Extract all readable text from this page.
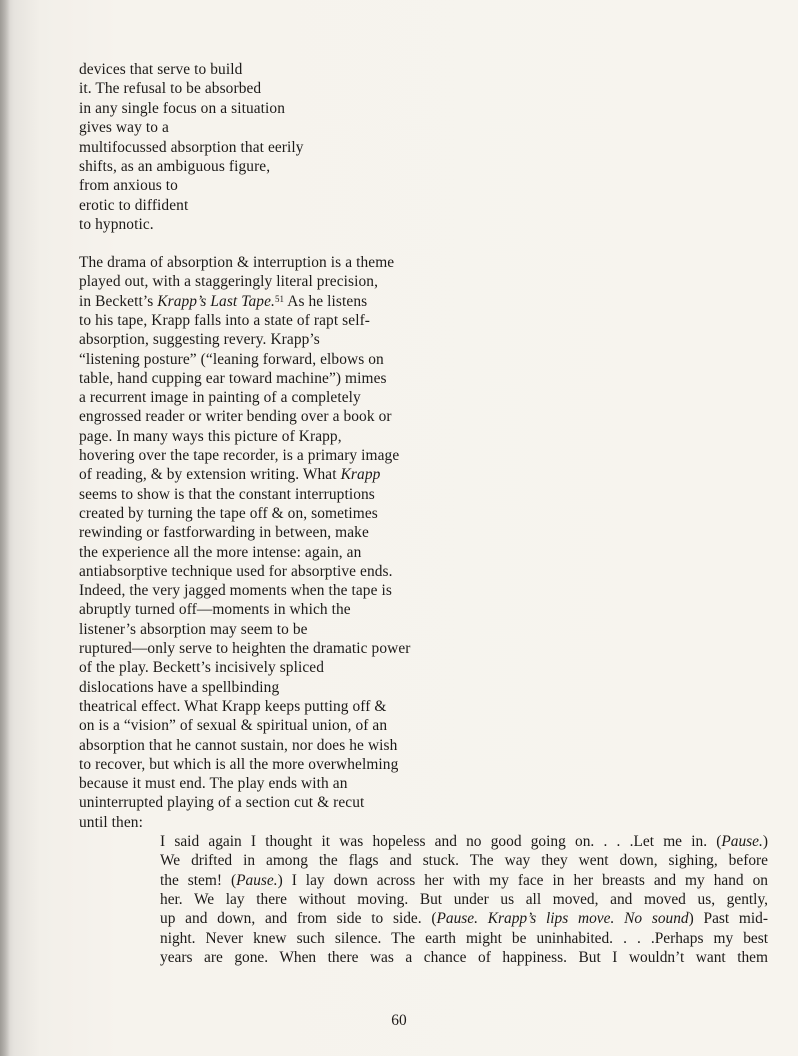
devices that serve to build
it. The refusal to be absorbed
in any single focus on a situation
gives way to a
multifocussed absorption that eerily
shifts, as an ambiguous figure,
from anxious to
erotic to diffident
to hypnotic.
The drama of absorption & interruption is a theme
played out, with a staggeringly literal precision,
in Beckett’s Krapp’s Last Tape.$^{51}$ As he listens
to his tape, Krapp falls into a state of rapt self-
absorption, suggesting revery. Krapp’s
“listening posture” (“leaning forward, elbows on
table, hand cupping ear toward machine”) mimes
a recurrent image in painting of a completely
engrossed reader or writer bending over a book or
page. In many ways this picture of Krapp,
hovering over the tape recorder, is a primary image
of reading, & by extension writing. What Krapp
seems to show is that the constant interruptions
created by turning the tape off & on, sometimes
rewinding or fastforwarding in between, make
the experience all the more intense: again, an
antiabsorptive technique used for absorptive ends.
Indeed, the very jagged moments when the tape is
abruptly turned off—moments in which the
listener’s absorption may seem to be
ruptured—only serve to heighten the dramatic power
of the play. Beckett’s incisively spliced
dislocations have a spellbinding
theatrical effect. What Krapp keeps putting off &
on is a “vision” of sexual & spiritual union, of an
absorption that he cannot sustain, nor does he wish
to recover, but which is all the more overwhelming
because it must end. The play ends with an
uninterrupted playing of a section cut & recut
until then:
I said again I thought it was hopeless and no good going on. . . .Let me in. (Pause.)
We drifted in among the flags and stuck. The way they went down, sighing, before
the stem! (Pause.) I lay down across her with my face in her breasts and my hand on
her. We lay there without moving. But under us all moved, and moved us, gently,
up and down, and from side to side. (Pause. Krapp’s lips move. No sound) Past mid-
night. Never knew such silence. The earth might be uninhabited. . . .Perhaps my best
years are gone. When there was a chance of happiness. But I wouldn’t want them
60
